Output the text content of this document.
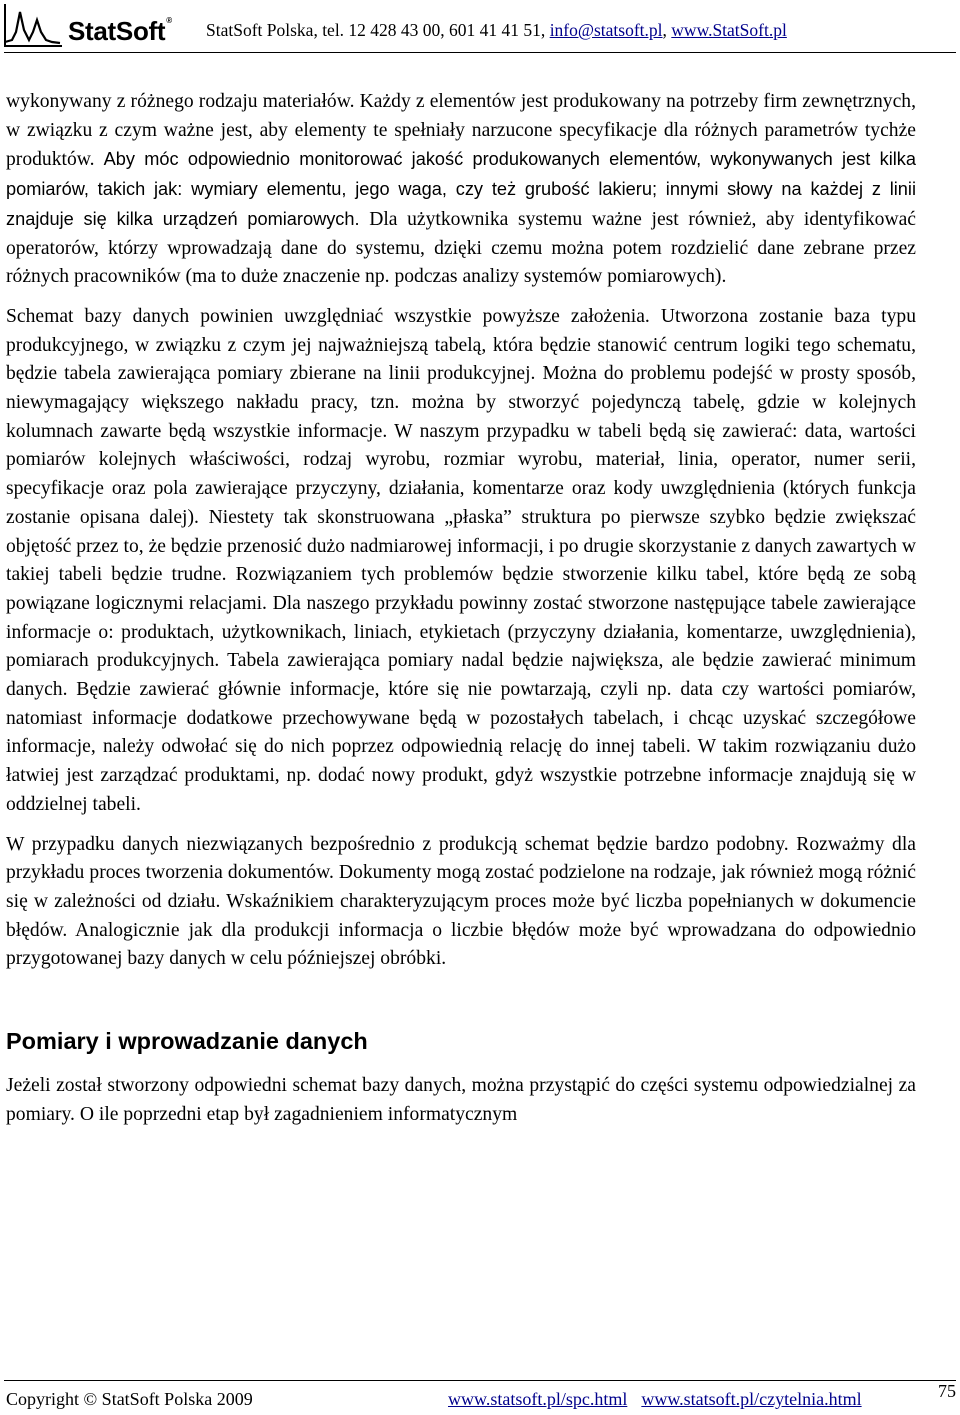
StatSoft® StatSoft Polska, tel. 12 428 43 00, 601 41 41 51, info@statsoft.pl, www.StatSoft.pl

wykonywany z różnego rodzaju materiałów. Każdy z elementów jest produkowany na potrzeby firm zewnętrznych, w związku z czym ważne jest, aby elementy te spełniały narzucone specyfikacje dla różnych parametrów tychże produktów. Aby móc odpowiednio monitorować jakość produkowanych elementów, wykonywanych jest kilka pomiarów, takich jak: wymiary elementu, jego waga, czy też grubość lakieru; innymi słowy na każdej z linii znajduje się kilka urządzeń pomiarowych. Dla użytkownika systemu ważne jest również, aby identyfikować operatorów, którzy wprowadzają dane do systemu, dzięki czemu można potem rozdzielić dane zebrane przez różnych pracowników (ma to duże znaczenie np. podczas analizy systemów pomiarowych).

Schemat bazy danych powinien uwzględniać wszystkie powyższe założenia. Utworzona zostanie baza typu produkcyjnego, w związku z czym jej najważniejszą tabelą, która będzie stanowić centrum logiki tego schematu, będzie tabela zawierająca pomiary zbierane na linii produkcyjnej. Można do problemu podejść w prosty sposób, niewymagający większego nakładu pracy, tzn. można by stworzyć pojedynczą tabelę, gdzie w kolejnych kolumnach zawarte będą wszystkie informacje. W naszym przypadku w tabeli będą się zawierać: data, wartości pomiarów kolejnych właściwości, rodzaj wyrobu, rozmiar wyrobu, materiał, linia, operator, numer serii, specyfikacje oraz pola zawierające przyczyny, działania, komentarze oraz kody uwzględnienia (których funkcja zostanie opisana dalej). Niestety tak skonstruowana „płaska” struktura po pierwsze szybko będzie zwiększać objętość przez to, że będzie przenosić dużo nadmiarowej informacji, i po drugie skorzystanie z danych zawartych w takiej tabeli będzie trudne. Rozwiązaniem tych problemów będzie stworzenie kilku tabel, które będą ze sobą powiązane logicznymi relacjami. Dla naszego przykładu powinny zostać stworzone następujące tabele zawierające informacje o: produktach, użytkownikach, liniach, etykietach (przyczyny działania, komentarze, uwzględnienia), pomiarach produkcyjnych. Tabela zawierająca pomiary nadal będzie największa, ale będzie zawierać minimum danych. Będzie zawierać głównie informacje, które się nie powtarzają, czyli np. data czy wartości pomiarów, natomiast informacje dodatkowe przechowywane będą w pozostałych tabelach, i chcąc uzyskać szczegółowe informacje, należy odwołać się do nich poprzez odpowiednią relację do innej tabeli. W takim rozwiązaniu dużo łatwiej jest zarządzać produktami, np. dodać nowy produkt, gdyż wszystkie potrzebne informacje znajdują się w oddzielnej tabeli.

W przypadku danych niezwiązanych bezpośrednio z produkcją schemat będzie bardzo podobny. Rozważmy dla przykładu proces tworzenia dokumentów. Dokumenty mogą zostać podzielone na rodzaje, jak również mogą różnić się w zależności od działu. Wskaźnikiem charakteryzującym proces może być liczba popełnianych w dokumencie błędów. Analogicznie jak dla produkcji informacja o liczbie błędów może być wprowadzana do odpowiednio przygotowanej bazy danych w celu późniejszej obróbki.

Pomiary i wprowadzanie danych

Jeżeli został stworzony odpowiedni schemat bazy danych, można przystąpić do części systemu odpowiedzialnej za pomiary. O ile poprzedni etap był zagadnieniem informatycznym

Copyright © StatSoft Polska 2009	www.statsoft.pl/spc.html www.statsoft.pl/czytelnia.html	75
